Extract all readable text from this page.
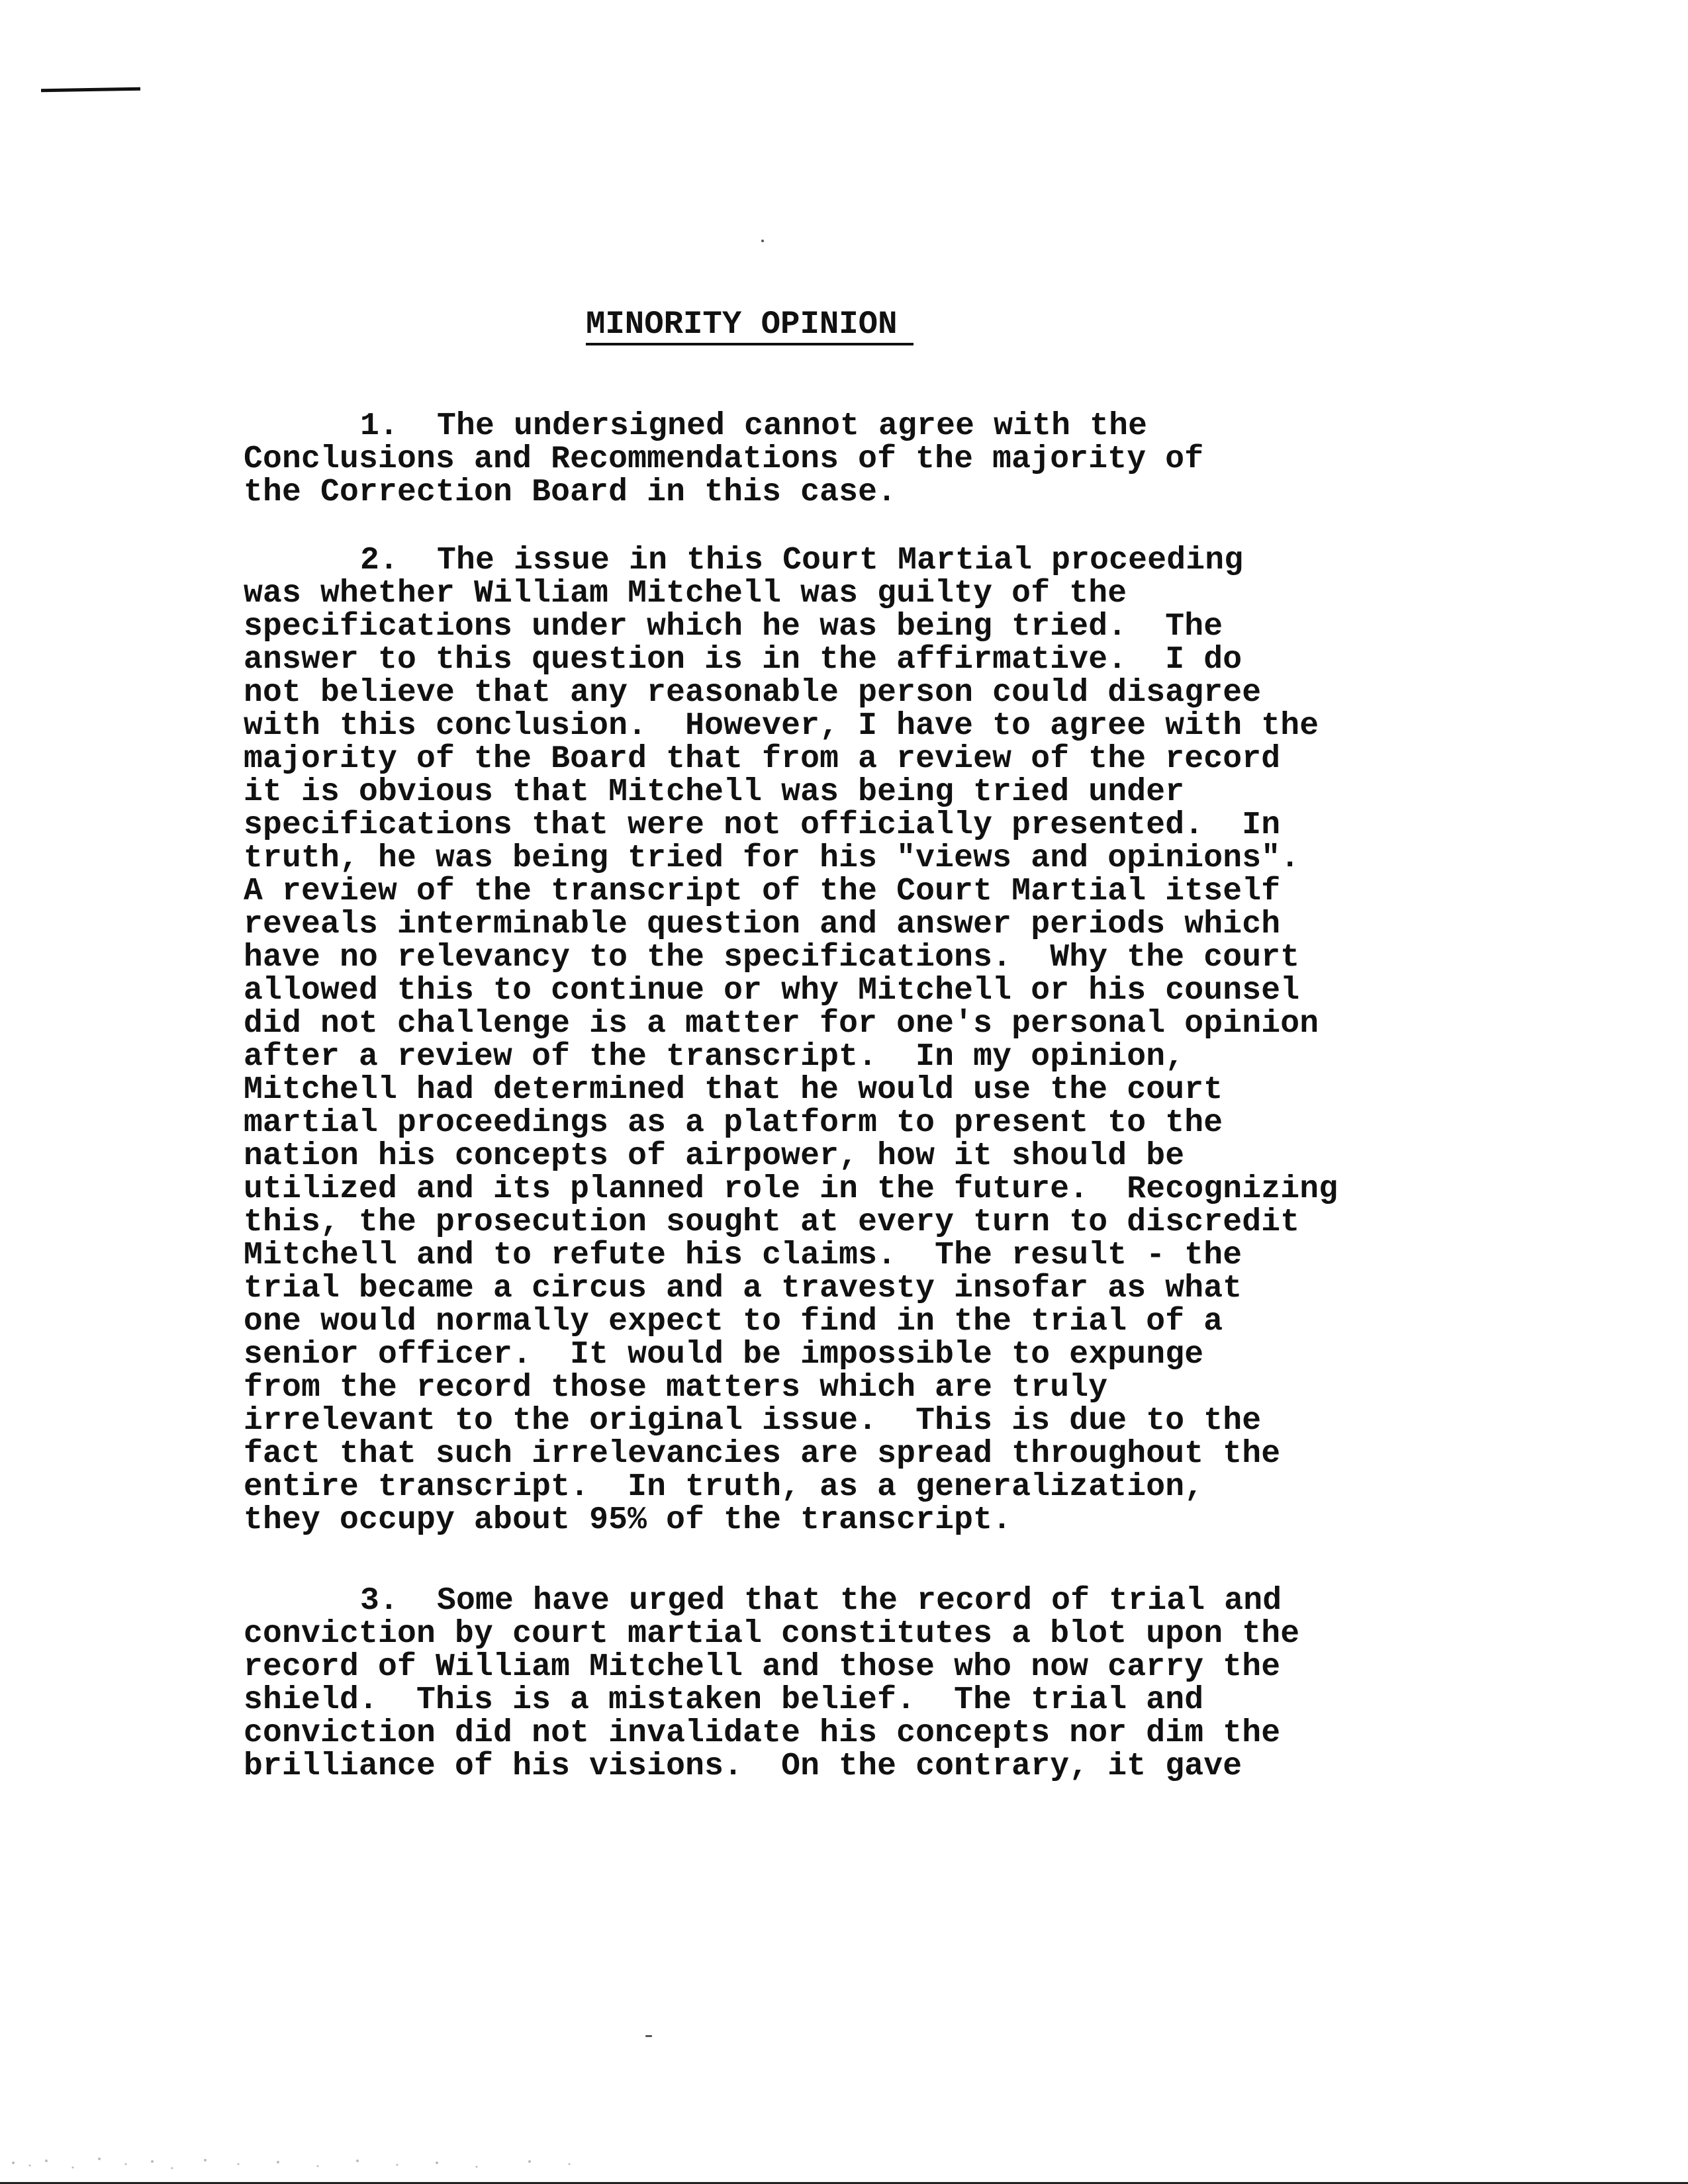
MINORITY OPINION
1.  The undersigned cannot agree with the
Conclusions and Recommendations of the majority of
the Correction Board in this case.
2.  The issue in this Court Martial proceeding
was whether William Mitchell was guilty of the
specifications under which he was being tried.  The
answer to this question is in the affirmative.  I do
not believe that any reasonable person could disagree
with this conclusion.  However, I have to agree with the
majority of the Board that from a review of the record
it is obvious that Mitchell was being tried under
specifications that were not officially presented.  In
truth, he was being tried for his "views and opinions".
A review of the transcript of the Court Martial itself
reveals interminable question and answer periods which
have no relevancy to the specifications.  Why the court
allowed this to continue or why Mitchell or his counsel
did not challenge is a matter for one's personal opinion
after a review of the transcript.  In my opinion,
Mitchell had determined that he would use the court
martial proceedings as a platform to present to the
nation his concepts of airpower, how it should be
utilized and its planned role in the future.  Recognizing
this, the prosecution sought at every turn to discredit
Mitchell and to refute his claims.  The result - the
trial became a circus and a travesty insofar as what
one would normally expect to find in the trial of a
senior officer.  It would be impossible to expunge
from the record those matters which are truly
irrelevant to the original issue.  This is due to the
fact that such irrelevancies are spread throughout the
entire transcript.  In truth, as a generalization,
they occupy about 95% of the transcript.
3.  Some have urged that the record of trial and
conviction by court martial constitutes a blot upon the
record of William Mitchell and those who now carry the
shield.  This is a mistaken belief.  The trial and
conviction did not invalidate his concepts nor dim the
brilliance of his visions.  On the contrary, it gave
